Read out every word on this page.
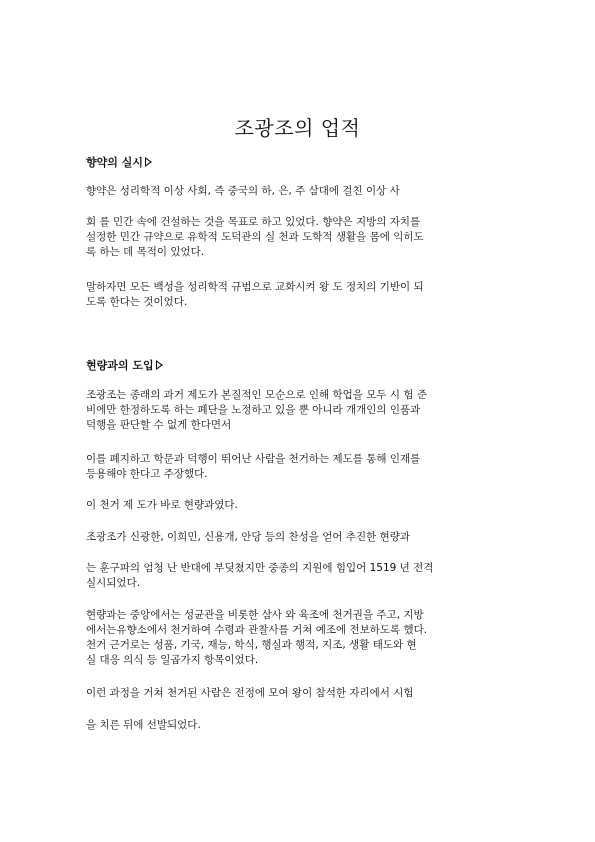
조광조의 업적
향약의 실시
향약은 성리학적 이상 사회, 즉 중국의 하, 은, 주 삼대에 걸친 이상 사
회 를 민간 속에 건설하는 것을 목표로 하고 있었다. 향약은 지방의 자치를
설정한 민간 규약으로 유학적 도덕관의 실 천과 도학적 생활을 몸에 익히도
록 하는 데 목적이 있었다.
말하자면 모든 백성을 성리학적 규범으로 교화시켜 왕 도 정치의 기반이 되
도록 한다는 것이었다.
현량과의 도입
조광조는 종래의 과거 제도가 본질적인 모순으로 인해 학업을 모두 시 험 준
비에만 한정하도록 하는 폐단을 노정하고 있을 뿐 아니라 개개인의 인품과
덕행을 판단할 수 없게 한다면서
이를 폐지하고 학문과 덕행이 뛰어난 사람을 천거하는 제도를 통해 인재를
등용해야 한다고 주장했다.
이 천거 제 도가 바로 현량과였다.
조광조가 신광한, 이희민, 신용개, 안당 등의 찬성을 얻어 추진한 현량과
는 훈구파의 엄청 난 반대에 부딪쳤지만 중종의 지원에 힘입어 1519 년 전격
실시되었다.
현량과는 중앙에서는 성균관을 비롯한 삼사 와 육조에 천거권을 주고, 지방
에서는유향소에서 천거하여 수령과 관찰사를 거쳐 예조에 전보하도록 했다.
천거 근거로는 성품, 기국, 재능, 학식, 행실과 행적, 지조, 생활 태도와 현
실 대응 의식 등 일곱가지 항목이었다.
이런 과정을 거쳐 천거된 사람은 전정에 모여 왕이 참석한 자리에서 시험
을 치른 뒤에 선발되었다.
